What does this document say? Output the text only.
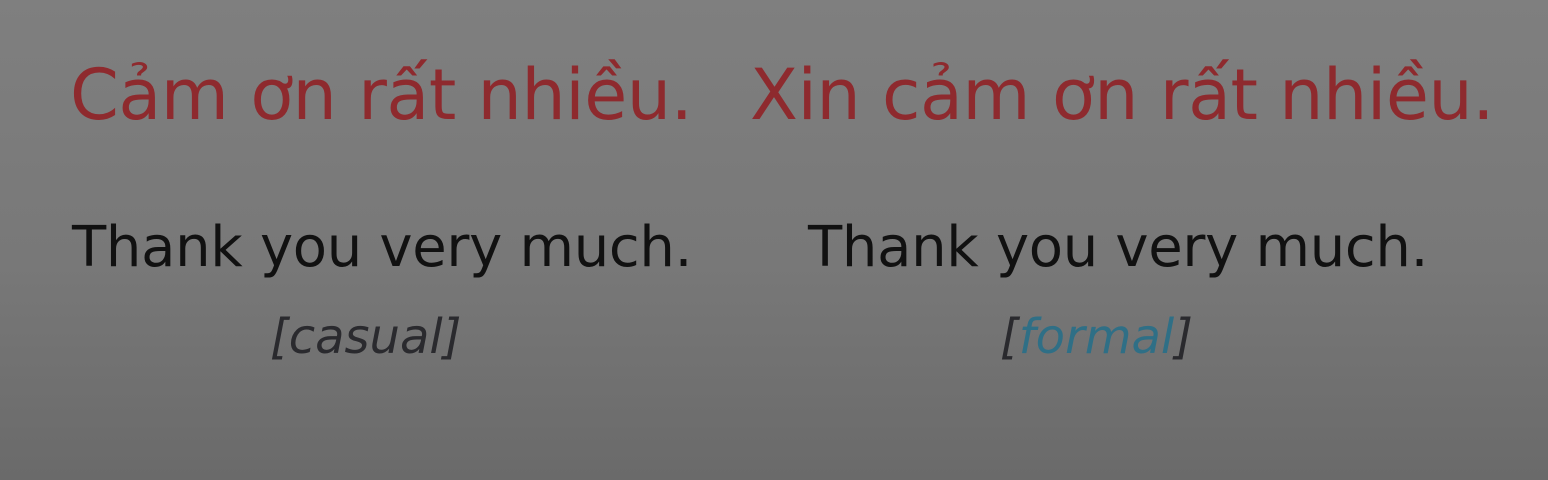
Cảm ơn rất nhiều.
Thank you very much.
[casual]
Xin cảm ơn rất nhiều.
Thank you very much.
[formal]
